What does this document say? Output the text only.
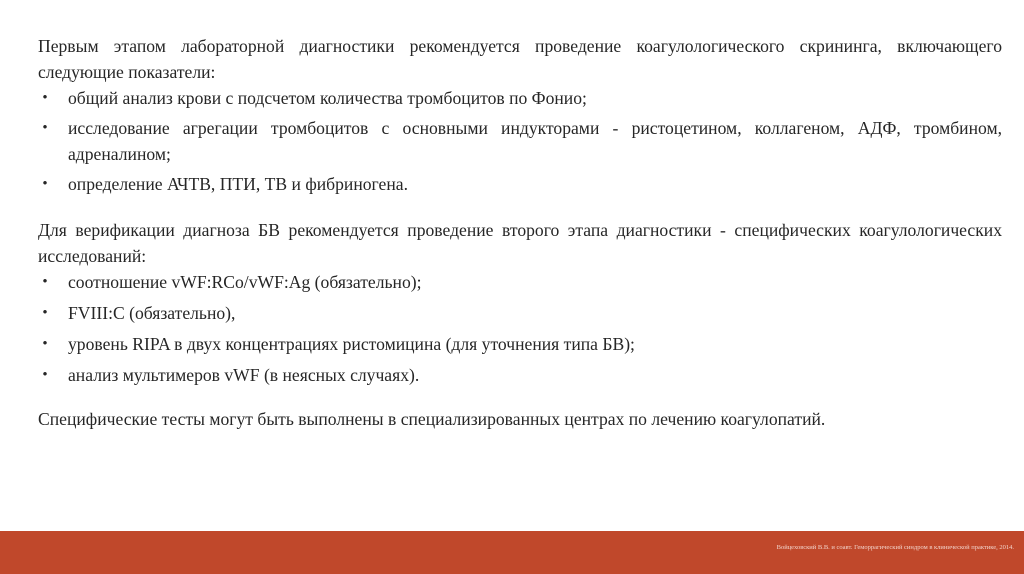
Первым этапом лабораторной диагностики рекомендуется проведение коагулологического скрининга, включающего следующие показатели:

• общий анализ крови с подсчетом количества тромбоцитов по Фонио;
• исследование агрегации тромбоцитов с основными индукторами - ристоцетином, коллагеном, АДФ, тромбином, адреналином;
• определение АЧТВ, ПТИ, ТВ и фибриногена.

Для верификации диагноза БВ рекомендуется проведение второго этапа диагностики - специфических коагулологических исследований:

• соотношение vWF:RCo/vWF:Ag (обязательно);
• FVIII:C (обязательно),
• уровень RIPA в двух концентрациях ристомицина (для уточнения типа БВ);
• анализ мультимеров vWF (в неясных случаях).

Специфические тесты могут быть выполнены в специализированных центрах по лечению коагулопатий.

Войцеховский В.В. и соавт. Геморрагический синдром в клинической практике, 2014.
